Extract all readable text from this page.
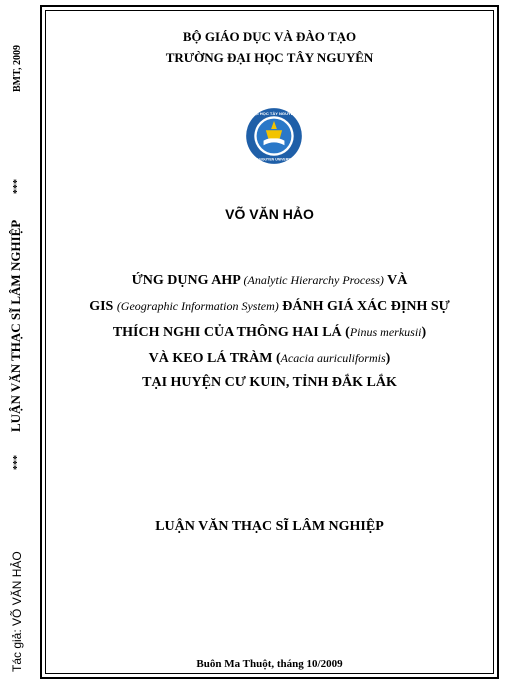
BMT, 2009
***
LUẬN VĂN THẠC SĨ LÂM NGHIỆP
***
Tác giả: VÕ VĂN HẢO
BỘ GIÁO DỤC VÀ ĐÀO TẠO
TRƯỜNG ĐẠI HỌC TÂY NGUYÊN
ĐẠI HỌC TÂY NGUYÊN
TAY NGUYEN UNIVERSITY
VÕ VĂN HẢO
ỨNG DỤNG AHP (Analytic Hierarchy Process) VÀ
GIS (Geographic Information System) ĐÁNH GIÁ XÁC ĐỊNH SỰ
THÍCH NGHI CỦA THÔNG HAI LÁ (Pinus merkusii)
VÀ KEO LÁ TRÀM (Acacia auriculiformis)
TẠI HUYỆN CƯ KUIN, TỈNH ĐẮK LẮK
LUẬN VĂN THẠC SĨ LÂM NGHIỆP
Buôn Ma Thuột, tháng 10/2009
